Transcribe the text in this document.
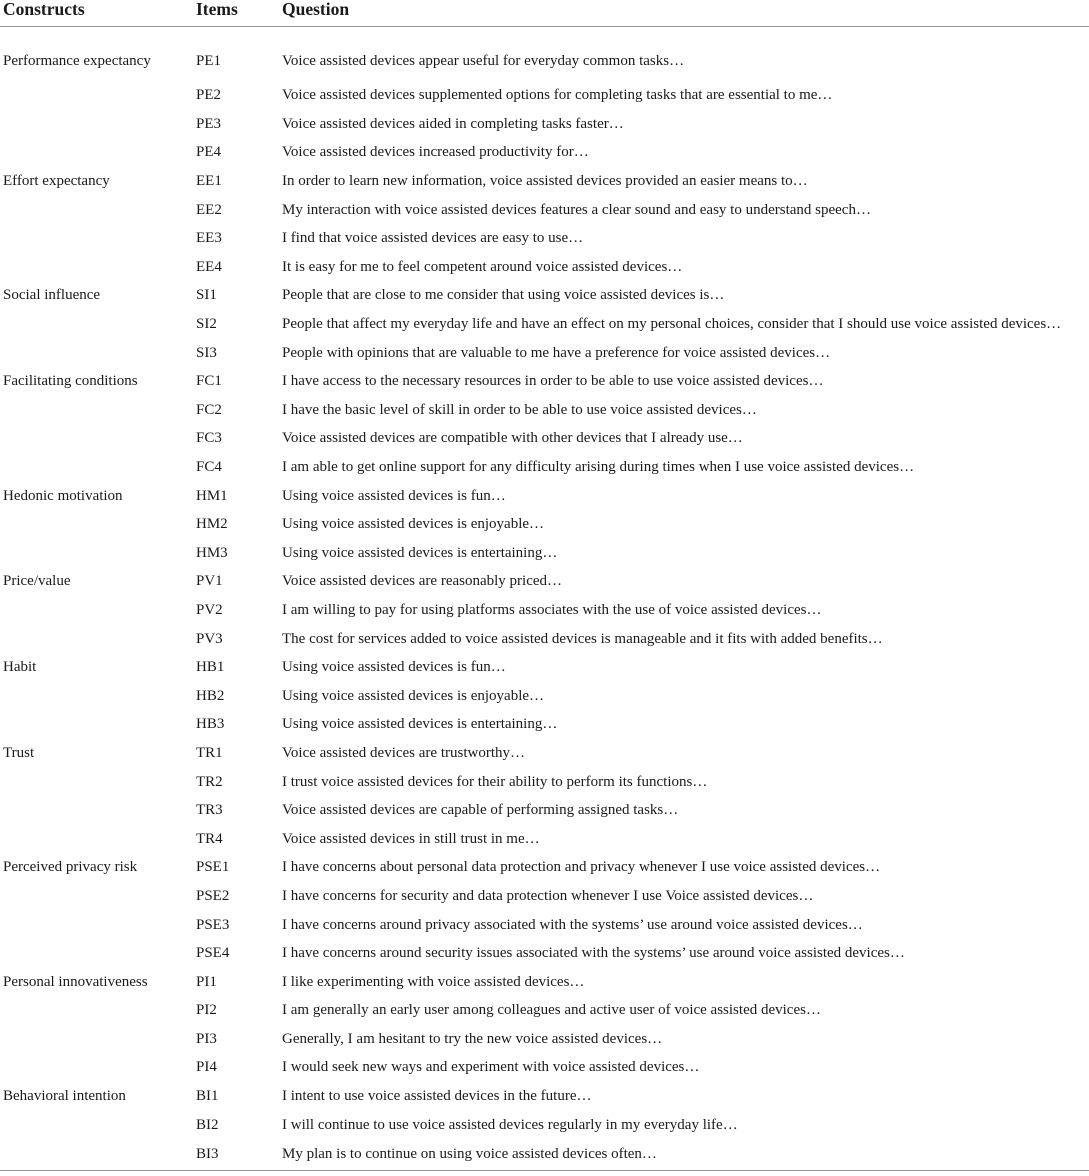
Constructs	Items	Question
Performance expectancy	PE1	Voice assisted devices appear useful for everyday common tasks…
	PE2	Voice assisted devices supplemented options for completing tasks that are essential to me…
	PE3	Voice assisted devices aided in completing tasks faster…
	PE4	Voice assisted devices increased productivity for…
Effort expectancy	EE1	In order to learn new information, voice assisted devices provided an easier means to…
	EE2	My interaction with voice assisted devices features a clear sound and easy to understand speech…
	EE3	I find that voice assisted devices are easy to use…
	EE4	It is easy for me to feel competent around voice assisted devices…
Social influence	SI1	People that are close to me consider that using voice assisted devices is…
	SI2	People that affect my everyday life and have an effect on my personal choices, consider that I should use voice assisted devices…
	SI3	People with opinions that are valuable to me have a preference for voice assisted devices…
Facilitating conditions	FC1	I have access to the necessary resources in order to be able to use voice assisted devices…
	FC2	I have the basic level of skill in order to be able to use voice assisted devices…
	FC3	Voice assisted devices are compatible with other devices that I already use…
	FC4	I am able to get online support for any difficulty arising during times when I use voice assisted devices…
Hedonic motivation	HM1	Using voice assisted devices is fun…
	HM2	Using voice assisted devices is enjoyable…
	HM3	Using voice assisted devices is entertaining…
Price/value	PV1	Voice assisted devices are reasonably priced…
	PV2	I am willing to pay for using platforms associates with the use of voice assisted devices…
	PV3	The cost for services added to voice assisted devices is manageable and it fits with added benefits…
Habit	HB1	Using voice assisted devices is fun…
	HB2	Using voice assisted devices is enjoyable…
	HB3	Using voice assisted devices is entertaining…
Trust	TR1	Voice assisted devices are trustworthy…
	TR2	I trust voice assisted devices for their ability to perform its functions…
	TR3	Voice assisted devices are capable of performing assigned tasks…
	TR4	Voice assisted devices in still trust in me…
Perceived privacy risk	PSE1	I have concerns about personal data protection and privacy whenever I use voice assisted devices…
	PSE2	I have concerns for security and data protection whenever I use Voice assisted devices…
	PSE3	I have concerns around privacy associated with the systems’ use around voice assisted devices…
	PSE4	I have concerns around security issues associated with the systems’ use around voice assisted devices…
Personal innovativeness	PI1	I like experimenting with voice assisted devices…
	PI2	I am generally an early user among colleagues and active user of voice assisted devices…
	PI3	Generally, I am hesitant to try the new voice assisted devices…
	PI4	I would seek new ways and experiment with voice assisted devices…
Behavioral intention	BI1	I intent to use voice assisted devices in the future…
	BI2	I will continue to use voice assisted devices regularly in my everyday life…
	BI3	My plan is to continue on using voice assisted devices often…
